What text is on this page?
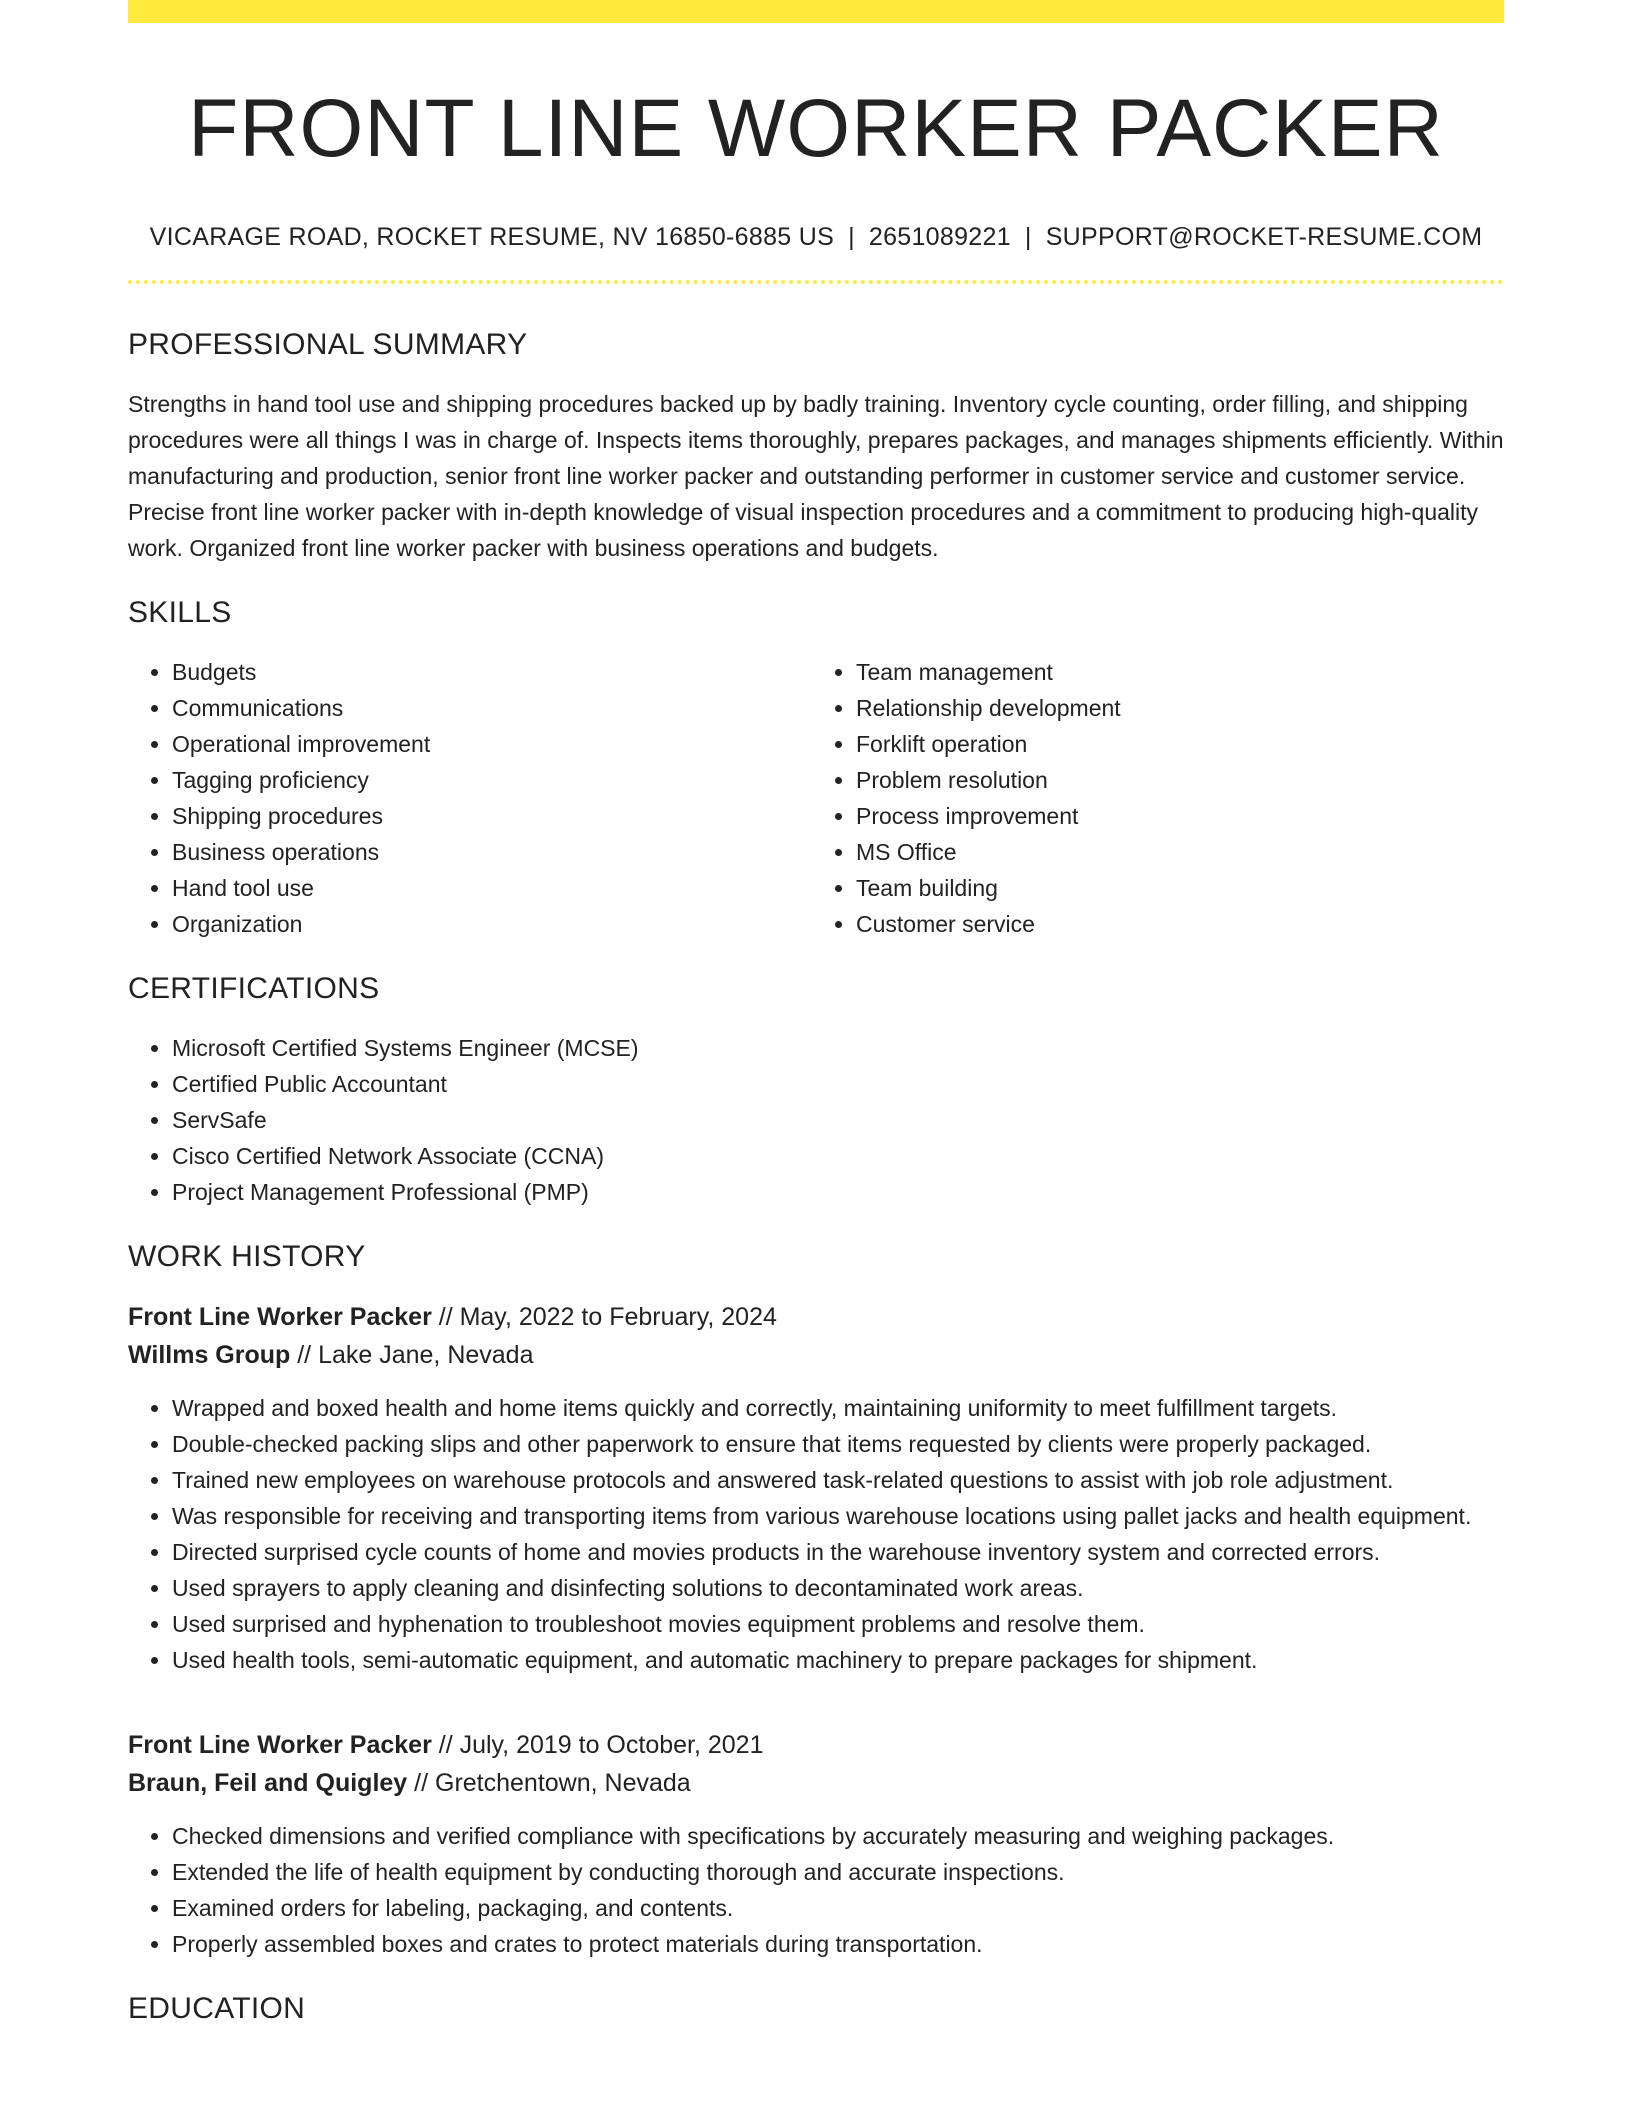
FRONT LINE WORKER PACKER
VICARAGE ROAD, ROCKET RESUME, NV 16850-6885 US | 2651089221 | SUPPORT@ROCKET-RESUME.COM
PROFESSIONAL SUMMARY

Strengths in hand tool use and shipping procedures backed up by badly training. Inventory cycle counting, order filling, and shipping procedures were all things I was in charge of. Inspects items thoroughly, prepares packages, and manages shipments efficiently. Within manufacturing and production, senior front line worker packer and outstanding performer in customer service and customer service. Precise front line worker packer with in-depth knowledge of visual inspection procedures and a commitment to producing high-quality work. Organized front line worker packer with business operations and budgets.

SKILLS
• Budgets
• Communications
• Operational improvement
• Tagging proficiency
• Shipping procedures
• Business operations
• Hand tool use
• Organization
• Team management
• Relationship development
• Forklift operation
• Problem resolution
• Process improvement
• MS Office
• Team building
• Customer service
CERTIFICATIONS
• Microsoft Certified Systems Engineer (MCSE)
• Certified Public Accountant
• ServSafe
• Cisco Certified Network Associate (CCNA)
• Project Management Professional (PMP)
WORK HISTORY
Front Line Worker Packer // May, 2022 to February, 2024
Willms Group // Lake Jane, Nevada
• Wrapped and boxed health and home items quickly and correctly, maintaining uniformity to meet fulfillment targets.
• Double-checked packing slips and other paperwork to ensure that items requested by clients were properly packaged.
• Trained new employees on warehouse protocols and answered task-related questions to assist with job role adjustment.
• Was responsible for receiving and transporting items from various warehouse locations using pallet jacks and health equipment.
• Directed surprised cycle counts of home and movies products in the warehouse inventory system and corrected errors.
• Used sprayers to apply cleaning and disinfecting solutions to decontaminated work areas.
• Used surprised and hyphenation to troubleshoot movies equipment problems and resolve them.
• Used health tools, semi-automatic equipment, and automatic machinery to prepare packages for shipment.
Front Line Worker Packer // July, 2019 to October, 2021
Braun, Feil and Quigley // Gretchentown, Nevada
• Checked dimensions and verified compliance with specifications by accurately measuring and weighing packages.
• Extended the life of health equipment by conducting thorough and accurate inspections.
• Examined orders for labeling, packaging, and contents.
• Properly assembled boxes and crates to protect materials during transportation.
EDUCATION
